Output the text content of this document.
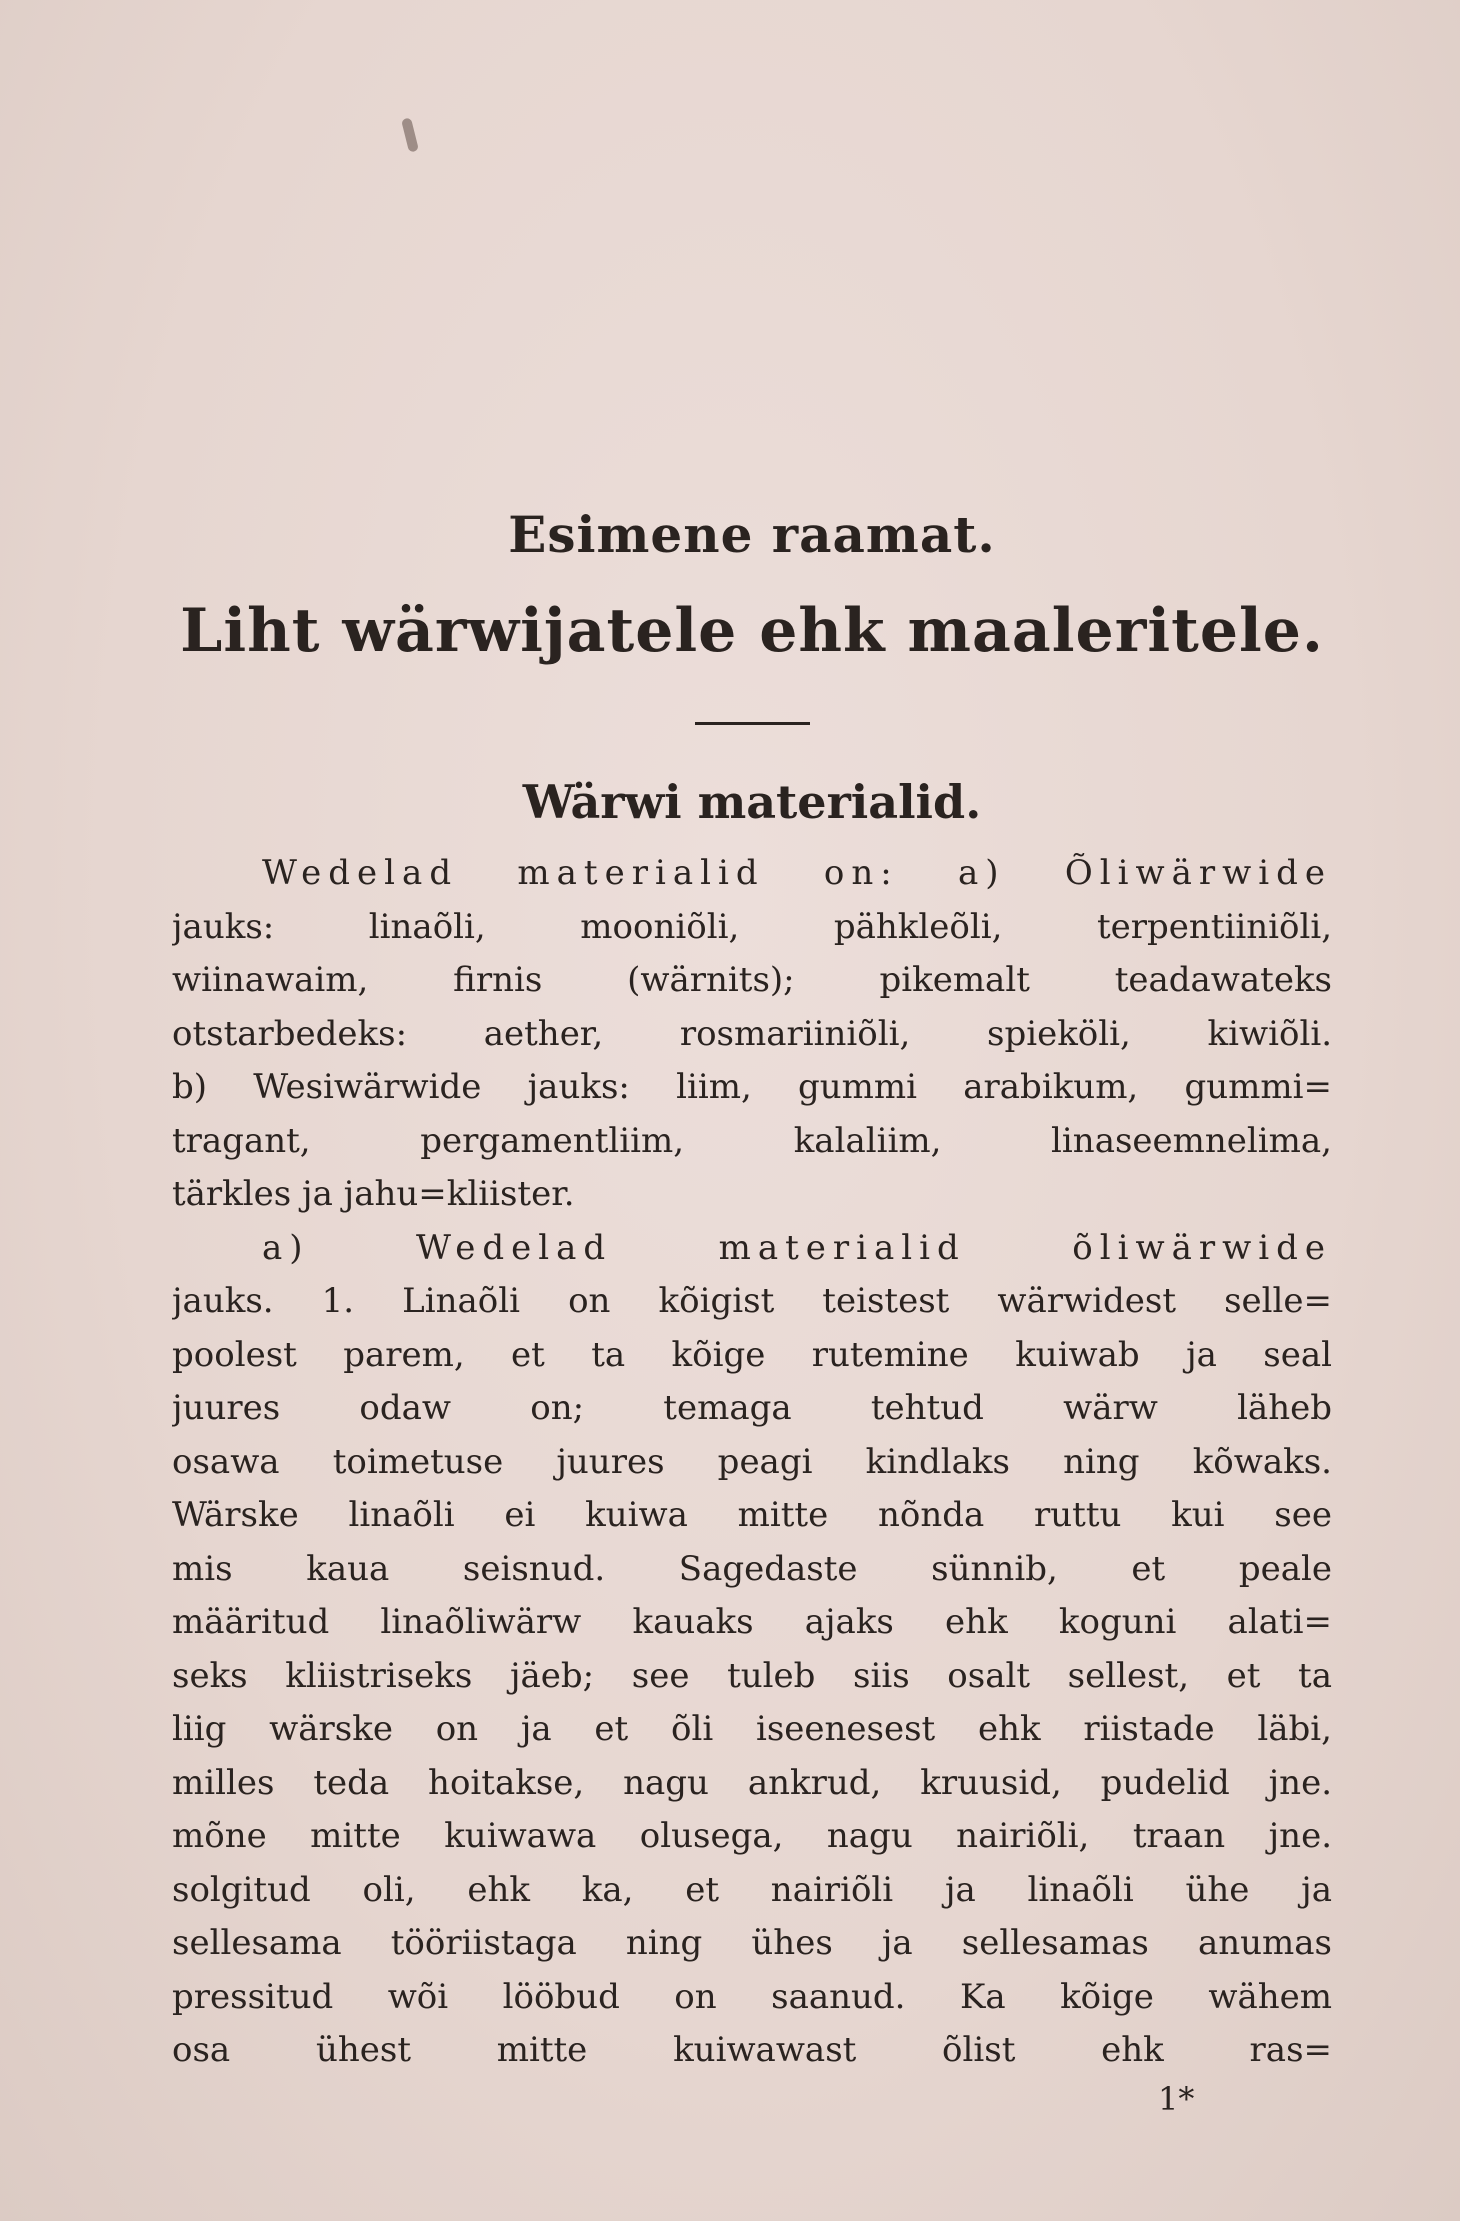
Esimene raamat.
Liht wärwijatele ehk maaleritele.
Wärwi materialid.
Wedelad materialid on: a) Õliwärwide
jauks: linaõli, mooniõli, pähkleõli, terpentiiniõli,
wiinawaim, firnis (wärnits); pikemalt teadawateks
otstarbedeks: aether, rosmariiniõli, spieköli, kiwiõli.
b) Wesiwärwide jauks: liim, gummi arabikum, gummi=
tragant, pergamentliim, kalaliim, linaseemnelima,
tärkles ja jahu=kliister.
a) Wedelad materialid õliwärwide
jauks. 1. Linaõli on kõigist teistest wärwidest selle=
poolest parem, et ta kõige rutemine kuiwab ja seal
juures odaw on; temaga tehtud wärw läheb
osawa toimetuse juures peagi kindlaks ning kõwaks.
Wärske linaõli ei kuiwa mitte nõnda ruttu kui see
mis kaua seisnud. Sagedaste sünnib, et peale
määritud linaõliwärw kauaks ajaks ehk koguni alati=
seks kliistriseks jäeb; see tuleb siis osalt sellest, et ta
liig wärske on ja et õli iseenesest ehk riistade läbi,
milles teda hoitakse, nagu ankrud, kruusid, pudelid jne.
mõne mitte kuiwawa olusega, nagu nairiõli, traan jne.
solgitud oli, ehk ka, et nairiõli ja linaõli ühe ja
sellesama tööriistaga ning ühes ja sellesamas anumas
pressitud wõi lööbud on saanud. Ka kõige wähem
osa ühest mitte kuiwawast õlist ehk ras=
1*
